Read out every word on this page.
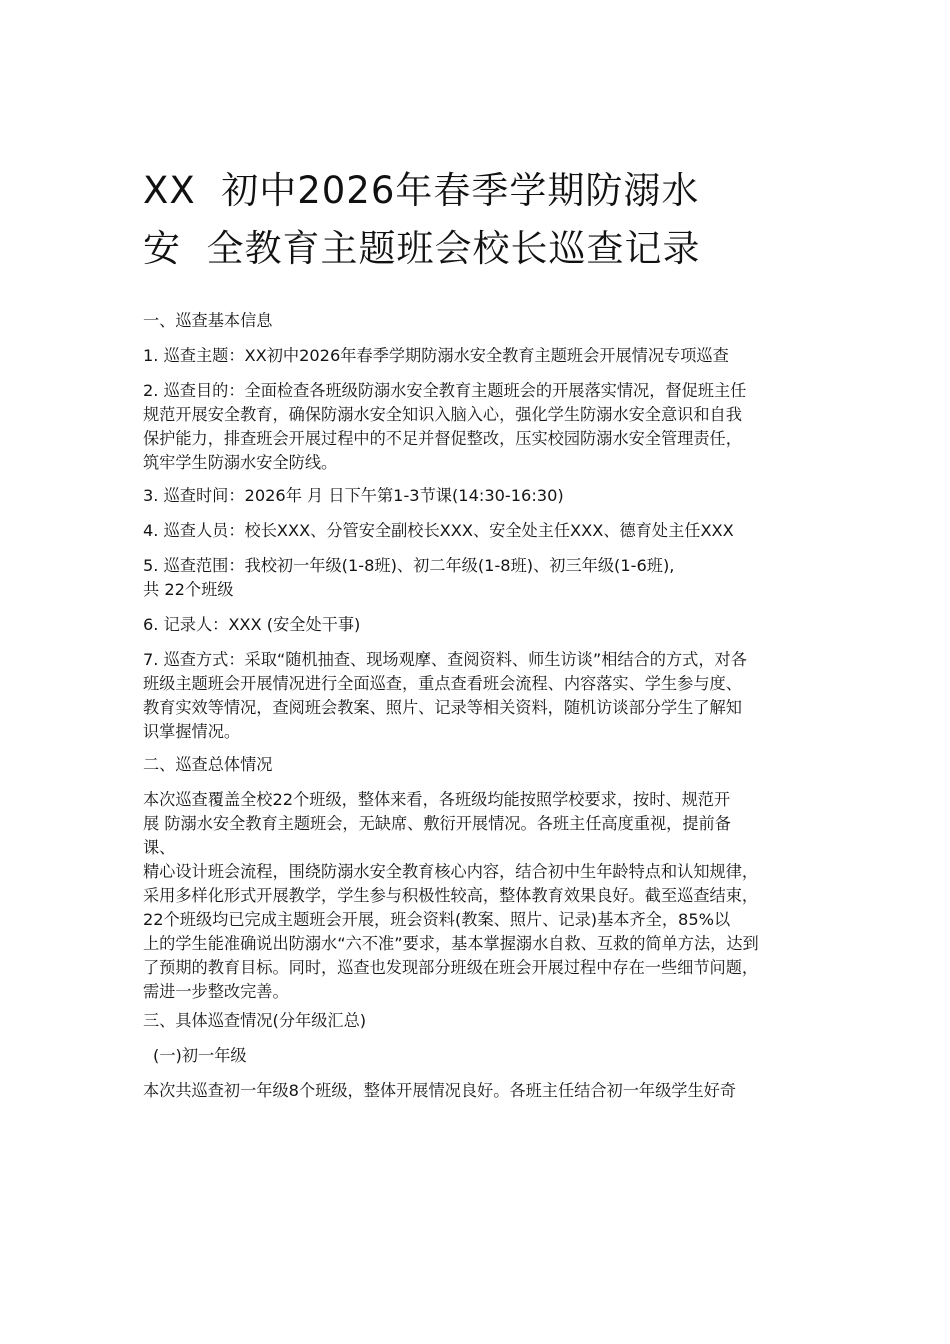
XX  初中2026年春季学期防溺水
安  全教育主题班会校长巡查记录

一、巡查基本信息

1. 巡查主题：XX初中2026年春季学期防溺水安全教育主题班会开展情况专项巡查

2. 巡查目的：全面检查各班级防溺水安全教育主题班会的开展落实情况，督促班主任
规范开展安全教育，确保防溺水安全知识入脑入心，强化学生防溺水安全意识和自我
保护能力，排查班会开展过程中的不足并督促整改，压实校园防溺水安全管理责任，
筑牢学生防溺水安全防线。

3. 巡查时间：2026年 月 日下午第1-3节课(14:30-16:30)

4. 巡查人员：校长XXX、分管安全副校长XXX、安全处主任XXX、德育处主任XXX

5. 巡查范围：我校初一年级(1-8班)、初二年级(1-8班)、初三年级(1-6班),
共 22个班级

6. 记录人：XXX (安全处干事)

7. 巡查方式：采取“随机抽查、现场观摩、查阅资料、师生访谈”相结合的方式，对各
班级主题班会开展情况进行全面巡查，重点查看班会流程、内容落实、学生参与度、
教育实效等情况，查阅班会教案、照片、记录等相关资料，随机访谈部分学生了解知
识掌握情况。

二、巡查总体情况

本次巡查覆盖全校22个班级，整体来看，各班级均能按照学校要求，按时、规范开
展 防溺水安全教育主题班会，无缺席、敷衍开展情况。各班主任高度重视，提前备
课、
精心设计班会流程，围绕防溺水安全教育核心内容，结合初中生年龄特点和认知规律，
采用多样化形式开展教学，学生参与积极性较高，整体教育效果良好。截至巡查结束，
22个班级均已完成主题班会开展，班会资料(教案、照片、记录)基本齐全，85%以
上的学生能准确说出防溺水“六不准”要求，基本掌握溺水自救、互救的简单方法，达到
了预期的教育目标。同时，巡查也发现部分班级在班会开展过程中存在一些细节问题，
需进一步整改完善。

三、具体巡查情况(分年级汇总)

(一)初一年级

本次共巡查初一年级8个班级，整体开展情况良好。各班主任结合初一年级学生好奇
